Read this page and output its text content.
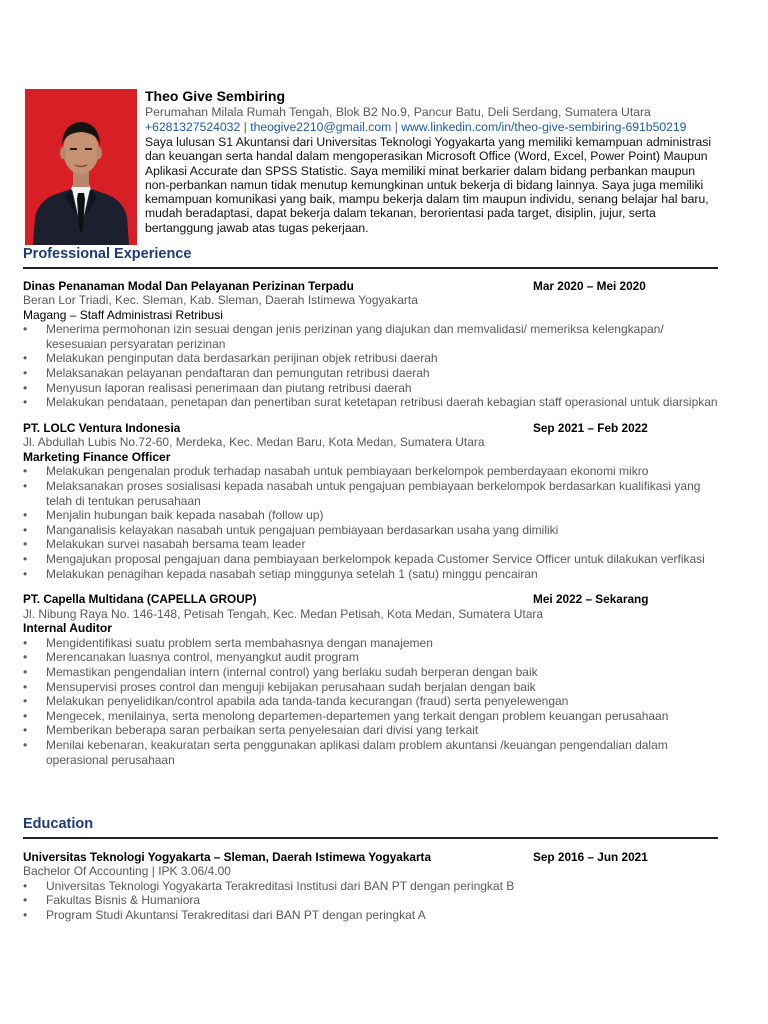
Theo Give Sembiring
Perumahan Milala Rumah Tengah, Blok B2 No.9, Pancur Batu, Deli Serdang, Sumatera Utara
+6281327524032 | theogive2210@gmail.com | www.linkedin.com/in/theo-give-sembiring-691b50219
Saya lulusan S1 Akuntansi dari Universitas Teknologi Yogyakarta yang memiliki kemampuan administrasi dan keuangan serta handal dalam mengoperasikan Microsoft Office (Word, Excel, Power Point) Maupun Aplikasi Accurate dan SPSS Statistic. Saya memiliki minat berkarier dalam bidang perbankan maupun non-perbankan namun tidak menutup kemungkinan untuk bekerja di bidang lainnya. Saya juga memiliki kemampuan komunikasi yang baik, mampu bekerja dalam tim maupun individu, senang belajar hal baru, mudah beradaptasi, dapat bekerja dalam tekanan, berorientasi pada target, disiplin, jujur, serta bertanggung jawab atas tugas pekerjaan.
Professional Experience
Dinas Penanaman Modal Dan Pelayanan Perizinan Terpadu	Mar 2020 – Mei 2020
Beran Lor Triadi, Kec. Sleman, Kab. Sleman, Daerah Istimewa Yogyakarta
Magang – Staff Administrasi Retribusi
• Menerima permohonan izin sesuai dengan jenis perizinan yang diajukan dan memvalidasi/ memeriksa kelengkapan/ kesesuaian persyaratan perizinan
• Melakukan penginputan data berdasarkan perijinan objek retribusi daerah
• Melaksanakan pelayanan pendaftaran dan pemungutan retribusi daerah
• Menyusun laporan realisasi penerimaan dan piutang retribusi daerah
• Melakukan pendataan, penetapan dan penertiban surat ketetapan retribusi daerah kebagian staff operasional untuk diarsipkan
PT. LOLC Ventura Indonesia	Sep 2021 – Feb 2022
Jl. Abdullah Lubis No.72-60, Merdeka, Kec. Medan Baru, Kota Medan, Sumatera Utara
Marketing Finance Officer
• Melakukan pengenalan produk terhadap nasabah untuk pembiayaan berkelompok pemberdayaan ekonomi mikro
• Melaksanakan proses sosialisasi kepada nasabah untuk pengajuan pembiayaan berkelompok berdasarkan kualifikasi yang telah di tentukan perusahaan
• Menjalin hubungan baik kepada nasabah (follow up)
• Manganalisis kelayakan nasabah untuk pengajuan pembiayaan berdasarkan usaha yang dimiliki
• Melakukan survei nasabah bersama team leader
• Mengajukan proposal pengajuan dana pembiayaan berkelompok kepada Customer Service Officer untuk dilakukan verfikasi
• Melakukan penagihan kepada nasabah setiap minggunya setelah 1 (satu) minggu pencairan
PT. Capella Multidana (CAPELLA GROUP)	Mei 2022 – Sekarang
Jl. Nibung Raya No. 146-148, Petisah Tengah, Kec. Medan Petisah, Kota Medan, Sumatera Utara
Internal Auditor
• Mengidentifikasi suatu problem serta membahasnya dengan manajemen
• Merencanakan luasnya control, menyangkut audit program
• Memastikan pengendalian intern (internal control) yang berlaku sudah berperan dengan baik
• Mensupervisi proses control dan menguji kebijakan perusahaan sudah berjalan dengan baik
• Melakukan penyelidikan/control apabila ada tanda-tanda kecurangan (fraud) serta penyelewengan
• Mengecek, menilainya, serta menolong departemen-departemen yang terkait dengan problem keuangan perusahaan
• Memberikan beberapa saran perbaikan serta penyelesaian dari divisi yang terkait
• Menilai kebenaran, keakuratan serta penggunakan aplikasi dalam problem akuntansi /keuangan pengendalian dalam operasional perusahaan
Education
Universitas Teknologi Yogyakarta – Sleman, Daerah Istimewa Yogyakarta	Sep 2016 – Jun 2021
Bachelor Of Accounting | IPK 3.06/4.00
• Universitas Teknologi Yogyakarta Terakreditasi Institusi dari BAN PT dengan peringkat B
• Fakultas Bisnis & Humaniora
• Program Studi Akuntansi Terakreditasi dari BAN PT dengan peringkat A
